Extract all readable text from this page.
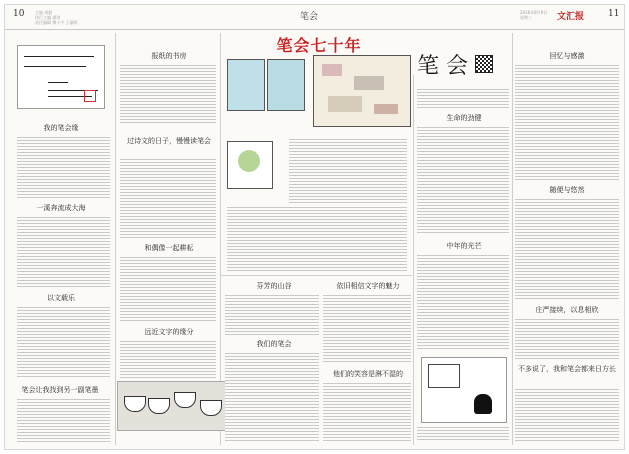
10	主编 周毅
执行主编 潘剑
责任编辑 傅小平 王瑜明
笔会	2016年8月9日
星期二	文汇报	11
笔会七十年
我的笔会缘
一溪奔流成大海
以文载乐
笔会让我找到另一副笔墨
报纸的书房
过诗文的日子，慢慢读笔会
和偶像一起耕耘
远近文字的缘分
芬芳的山谷
我们的笔会
依旧相信文字的魅力
他们的笑容是淋不湿的
笔 会
生命的劲健
中年的光芒
回忆与感激
随便与悠然
庄严接续，以息相欣
不多说了，我和笔会都来日方长
